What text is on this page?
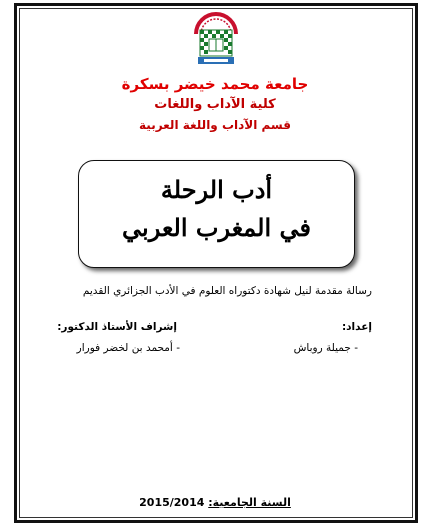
جامعة محمد خيضر بسكرة
كلية الآداب واللغات
قسم الآداب واللغة العربية
أدب الرحلة
في المغرب العربي
رسالة مقدمة لنيل شهادة دكتوراه العلوم في الأدب الجزائري القديم
إعداد:
إشراف الأستاذ الدكتور:
- جميلة روباش
- أمحمد بن لخضر فورار
السنة الجامعية: 2015/2014
